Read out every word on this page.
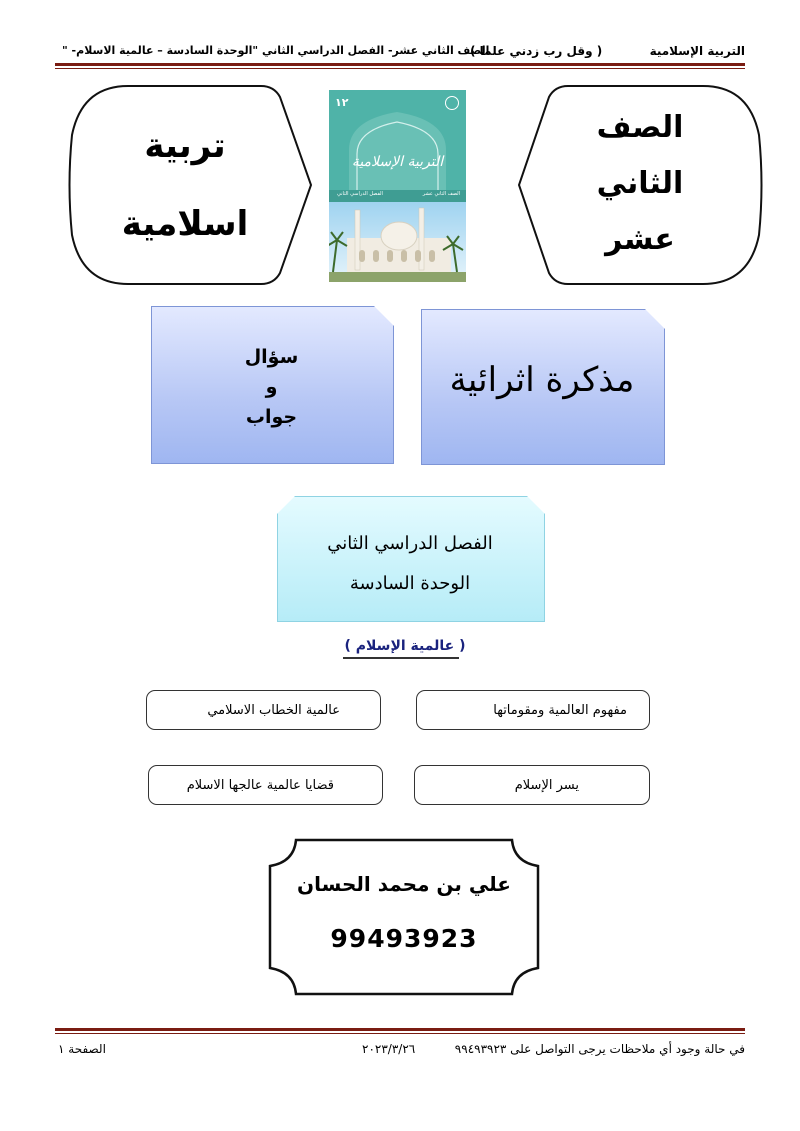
التربية الإسلامية
( وقل رب زدني علما )
الصف الثاني عشر- الفصل الدراسي الثاني "الوحدة السادسة – عالمية الاسلام- "
تربية
اسلامية
الصف
الثاني
عشر
١٢
التربية الإسلامية
الصف الثاني عشر
الفصل الدراسي الثاني
مذكرة اثرائية
سؤال
و
جواب
الفصل الدراسي الثاني
الوحدة السادسة
( عالمية الإسلام )
مفهوم العالمية ومقوماتها
عالمية الخطاب الاسلامي
يسر الإسلام
قضايا عالمية عالجها الاسلام
علي بن محمد الحسان
99493923
في حالة وجود أي ملاحظات يرجى التواصل على ٩٩٤٩٣٩٢٣
٢٠٢٣/٣/٢٦
الصفحة ١
